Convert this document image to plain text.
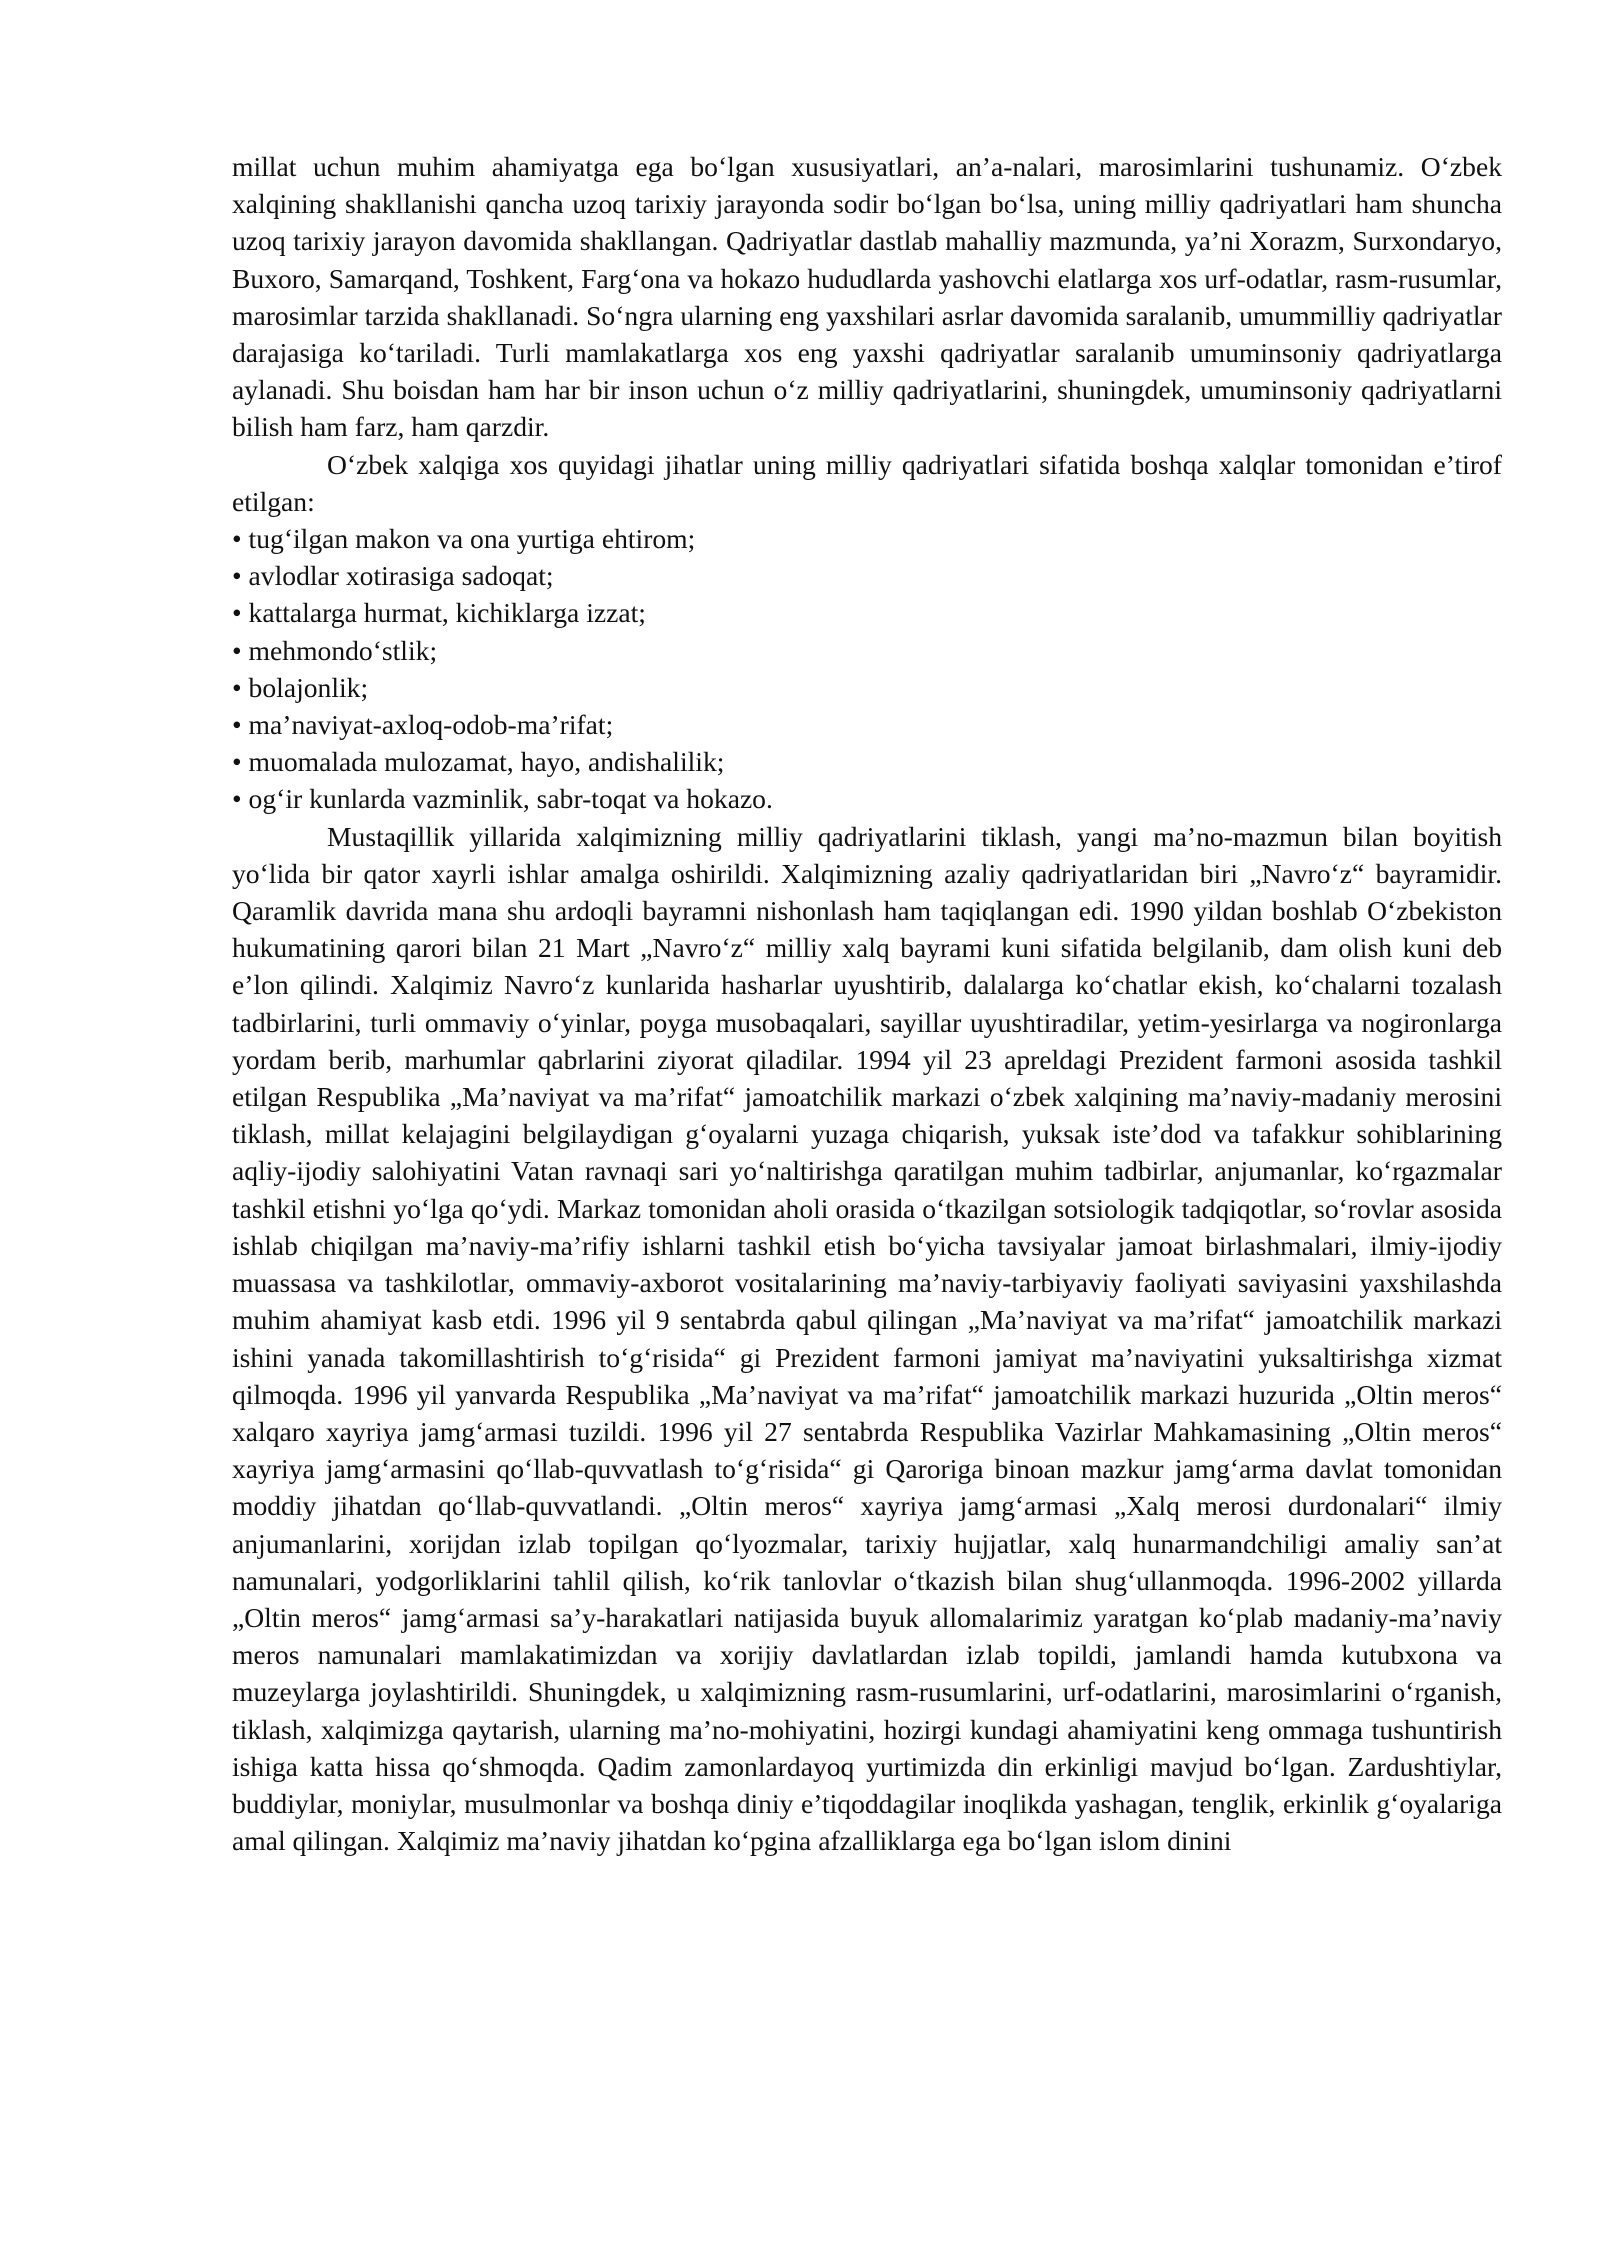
millat uchun muhim ahamiyatga ega bo‘lgan xususiyatlari, an’a-nalari, marosimlarini tushunamiz. O‘zbek xalqining shakllanishi qancha uzoq tarixiy jarayonda sodir bo‘lgan bo‘lsa, uning milliy qadriyatlari ham shuncha uzoq tarixiy jarayon davomida shakllangan. Qadriyatlar dastlab mahalliy mazmunda, ya’ni Xorazm, Surxondaryo, Buxoro, Samarqand, Toshkent, Farg‘ona va hokazo hududlarda yashovchi elatlarga xos urf-odatlar, rasm-rusumlar, marosimlar tarzida shakllanadi. So‘ngra ularning eng yaxshilari asrlar davomida saralanib, umummilliy qadriyatlar darajasiga ko‘tariladi. Turli mamlakatlarga xos eng yaxshi qadriyatlar saralanib umuminsoniy qadriyatlarga aylanadi. Shu boisdan ham har bir inson uchun o‘z milliy qadriyatlarini, shuningdek, umuminsoniy qadriyatlarni bilish ham farz, ham qarzdir.

O‘zbek xalqiga xos quyidagi jihatlar uning milliy qadriyatlari sifatida boshqa xalqlar tomonidan e’tirof etilgan:

• tug‘ilgan makon va ona yurtiga ehtirom;
• avlodlar xotirasiga sadoqat;
• kattalarga hurmat, kichiklarga izzat;
• mehmondo‘stlik;
• bolajonlik;
• ma’naviyat-axloq-odob-ma’rifat;
• muomalada mulozamat, hayo, andishalilik;
• og‘ir kunlarda vazminlik, sabr-toqat va hokazo.

Mustaqillik yillarida xalqimizning milliy qadriyatlarini tiklash, yangi ma’no-mazmun bilan boyitish yo‘lida bir qator xayrli ishlar amalga oshirildi. Xalqimizning azaliy qadriyatlaridan biri „Navro‘z“ bayramidir. Qaramlik davrida mana shu ardoqli bayramni nishonlash ham taqiqlangan edi. 1990 yildan boshlab O‘zbekiston hukumatining qarori bilan 21 Mart „Navro‘z“ milliy xalq bayrami kuni sifatida belgilanib, dam olish kuni deb e’lon qilindi. Xalqimiz Navro‘z kunlarida hasharlar uyushtirib, dalalarga ko‘chatlar ekish, ko‘chalarni tozalash tadbirlarini, turli ommaviy o‘yinlar, poyga musobaqalari, sayillar uyushtiradilar, yetim-yesirlarga va nogironlarga yordam berib, marhumlar qabrlarini ziyorat qiladilar. 1994 yil 23 apreldagi Prezident farmoni asosida tashkil etilgan Respublika „Ma’naviyat va ma’rifat“ jamoatchilik markazi o‘zbek xalqining ma’naviy-madaniy merosini tiklash, millat kelajagini belgilaydigan g‘oyalarni yuzaga chiqarish, yuksak iste’dod va tafakkur sohiblarining aqliy-ijodiy salohiyatini Vatan ravnaqi sari yo‘naltirishga qaratilgan muhim tadbirlar, anjumanlar, ko‘rgazmalar tashkil etishni yo‘lga qo‘ydi. Markaz tomonidan aholi orasida o‘tkazilgan sotsiologik tadqiqotlar, so‘rovlar asosida ishlab chiqilgan ma’naviy-ma’rifiy ishlarni tashkil etish bo‘yicha tavsiyalar jamoat birlashmalari, ilmiy-ijodiy muassasa va tashkilotlar, ommaviy-axborot vositalarining ma’naviy-tarbiyaviy faoliyati saviyasini yaxshilashda muhim ahamiyat kasb etdi. 1996 yil 9 sentabrda qabul qilingan „Ma’naviyat va ma’rifat“ jamoatchilik markazi ishini yanada takomillashtirish to‘g‘risida“ gi Prezident farmoni jamiyat ma’naviyatini yuksaltirishga xizmat qilmoqda. 1996 yil yanvarda Respublika „Ma’naviyat va ma’rifat“ jamoatchilik markazi huzurida „Oltin meros“ xalqaro xayriya jamg‘armasi tuzildi. 1996 yil 27 sentabrda Respublika Vazirlar Mahkamasining „Oltin meros“ xayriya jamg‘armasini qo‘llab-quvvatlash to‘g‘risida“ gi Qaroriga binoan mazkur jamg‘arma davlat tomonidan moddiy jihatdan qo‘llab-quvvatlandi. „Oltin meros“ xayriya jamg‘armasi „Xalq merosi durdonalari“ ilmiy anjumanlarini, xorijdan izlab topilgan qo‘lyozmalar, tarixiy hujjatlar, xalq hunarmandchiligi amaliy san’at namunalari, yodgorliklarini tahlil qilish, ko‘rik tanlovlar o‘tkazish bilan shug‘ullanmoqda. 1996-2002 yillarda „Oltin meros“ jamg‘armasi sa’y-harakatlari natijasida buyuk allomalarimiz yaratgan ko‘plab madaniy-ma’naviy meros namunalari mamlakatimizdan va xorijiy davlatlardan izlab topildi, jamlandi hamda kutubxona va muzeylarga joylashtirildi. Shuningdek, u xalqimizning rasm-rusumlarini, urf-odatlarini, marosimlarini o‘rganish, tiklash, xalqimizga qaytarish, ularning ma’no-mohiyatini, hozirgi kundagi ahamiyatini keng ommaga tushuntirish ishiga katta hissa qo‘shmoqda. Qadim zamonlardayoq yurtimizda din erkinligi mavjud bo‘lgan. Zardushtiylar, buddiylar, moniylar, musulmonlar va boshqa diniy e’tiqoddagilar inoqlikda yashagan, tenglik, erkinlik g‘oyalariga amal qilingan. Xalqimiz ma’naviy jihatdan ko‘pgina afzalliklarga ega bo‘lgan islom dinini
